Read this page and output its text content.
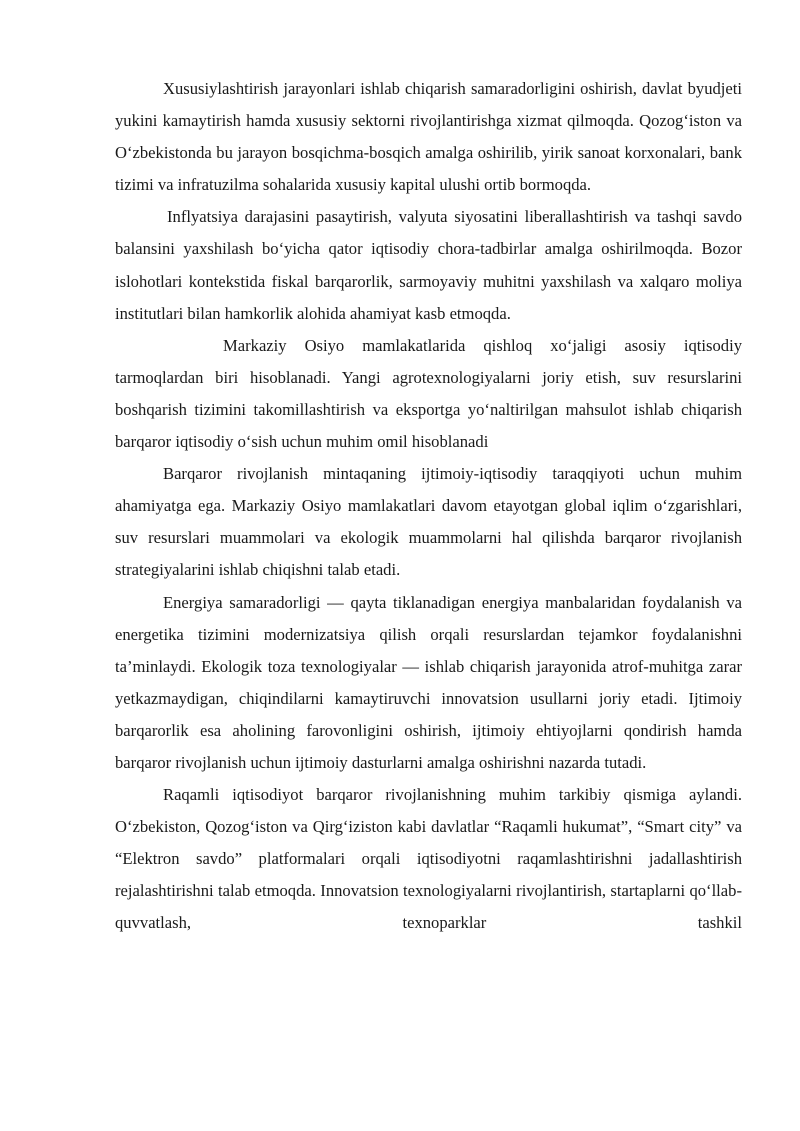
Xususiylashtirish jarayonlari ishlab chiqarish samaradorligini oshirish, davlat byudjeti yukini kamaytirish hamda xususiy sektorni rivojlantirishga xizmat qilmoqda. Qozog‘iston va O‘zbekistonda bu jarayon bosqichma-bosqich amalga oshirilib, yirik sanoat korxonalari, bank tizimi va infratuzilma sohalarida xususiy kapital ulushi ortib bormoqda.

Inflyatsiya darajasini pasaytirish, valyuta siyosatini liberallashtirish va tashqi savdo balansini yaxshilash bo‘yicha qator iqtisodiy chora-tadbirlar amalga oshirilmoqda. Bozor islohotlari kontekstida fiskal barqarorlik, sarmoyaviy muhitni yaxshilash va xalqaro moliya institutlari bilan hamkorlik alohida ahamiyat kasb etmoqda.

Markaziy Osiyo mamlakatlarida qishloq xo‘jaligi asosiy iqtisodiy tarmoqlardan biri hisoblanadi. Yangi agrotexnologiyalarni joriy etish, suv resurslarini boshqarish tizimini takomillashtirish va eksportga yo‘naltirilgan mahsulot ishlab chiqarish barqaror iqtisodiy o‘sish uchun muhim omil hisoblanadi

Barqaror rivojlanish mintaqaning ijtimoiy-iqtisodiy taraqqiyoti uchun muhim ahamiyatga ega. Markaziy Osiyo mamlakatlari davom etayotgan global iqlim o‘zgarishlari, suv resurslari muammolari va ekologik muammolarni hal qilishda barqaror rivojlanish strategiyalarini ishlab chiqishni talab etadi.

Energiya samaradorligi — qayta tiklanadigan energiya manbalaridan foydalanish va energetika tizimini modernizatsiya qilish orqali resurslardan tejamkor foydalanishni ta’minlaydi. Ekologik toza texnologiyalar — ishlab chiqarish jarayonida atrof-muhitga zarar yetkazmaydigan, chiqindilarni kamaytiruvchi innovatsion usullarni joriy etadi. Ijtimoiy barqarorlik esa aholining farovonligini oshirish, ijtimoiy ehtiyojlarni qondirish hamda barqaror rivojlanish uchun ijtimoiy dasturlarni amalga oshirishni nazarda tutadi.

Raqamli iqtisodiyot barqaror rivojlanishning muhim tarkibiy qismiga aylandi. O‘zbekiston, Qozog‘iston va Qirg‘iziston kabi davlatlar “Raqamli hukumat”, “Smart city” va “Elektron savdo” platformalari orqali iqtisodiyotni raqamlashtirishni jadallashtirish rejalashtirishni talab etmoqda. Innovatsion texnologiyalarni rivojlantirish, startaplarni qo‘llab-quvvatlash, texnoparklar tashkil
